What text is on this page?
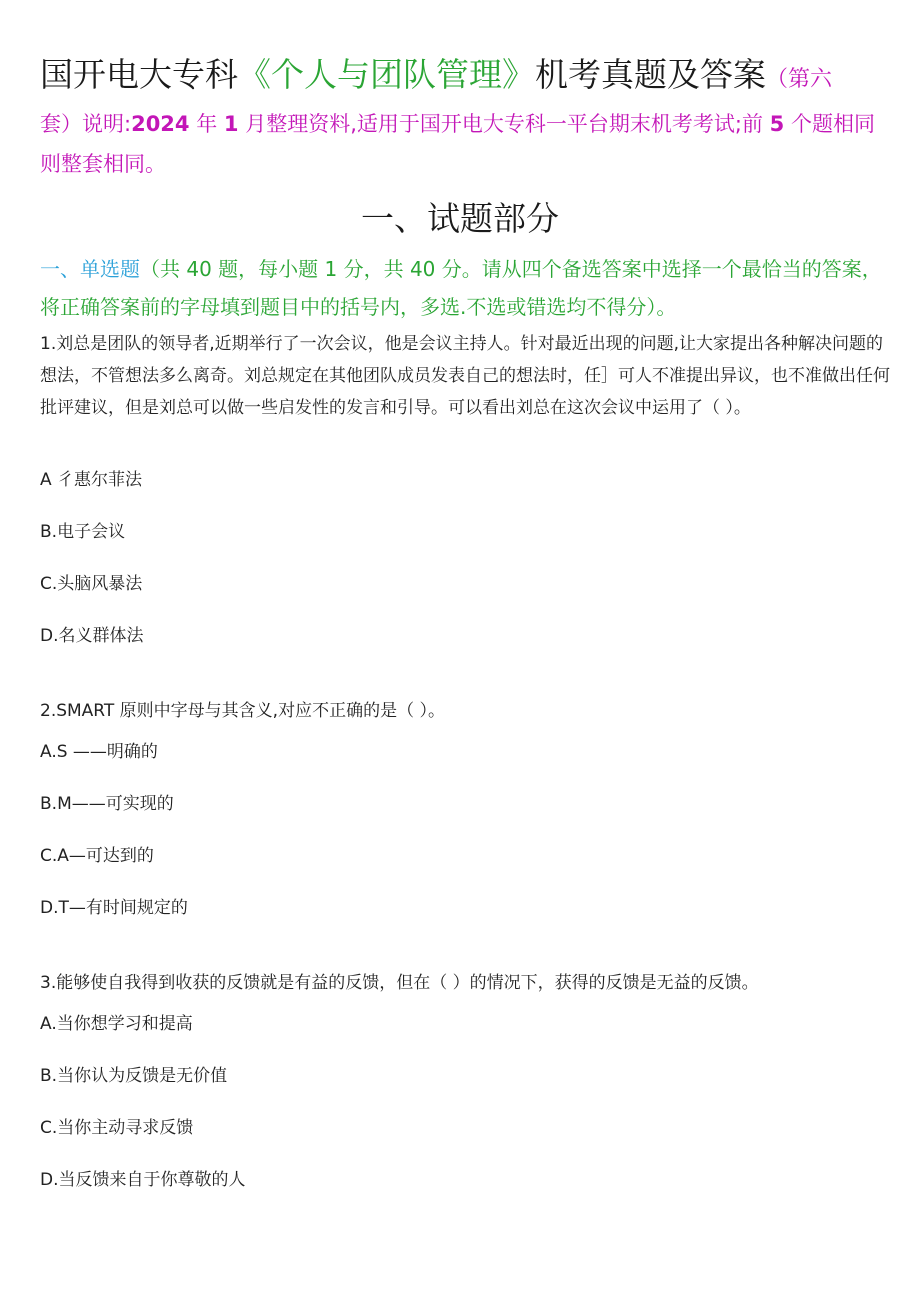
国开电大专科《个人与团队管理》机考真题及答案（第六
套）说明:2024 年 1 月整理资料,适用于国开电大专科一平台期末机考考试;前 5 个题相同则整套相同。
一、试题部分
一、单选题（共 40 题，每小题 1 分，共 40 分。请从四个备选答案中选择一个最恰当的答案，将正确答案前的字母填到题目中的括号内，多选.不选或错选均不得分）。
1.刘总是团队的领导者,近期举行了一次会议，他是会议主持人。针对最近出现的问题,让大家提出各种解决问题的想法，不管想法多么离奇。刘总规定在其他团队成员发表自己的想法时，任］可人不准提出异议，也不准做出任何批评建议，但是刘总可以做一些启发性的发言和引导。可以看出刘总在这次会议中运用了（ ）。
A 彳惠尔菲法
B.电子会议
C.头脑风暴法
D.名义群体法
2.SMART 原则中字母与其含义,对应不正确的是（ ）。
A.S ——明确的
B.M——可实现的
C.A—可达到的
D.T—有时间规定的
3.能够使自我得到收获的反馈就是有益的反馈，但在（ ）的情况下，获得的反馈是无益的反馈。
A.当你想学习和提高
B.当你认为反馈是无价值
C.当你主动寻求反馈
D.当反馈来自于你尊敬的人
